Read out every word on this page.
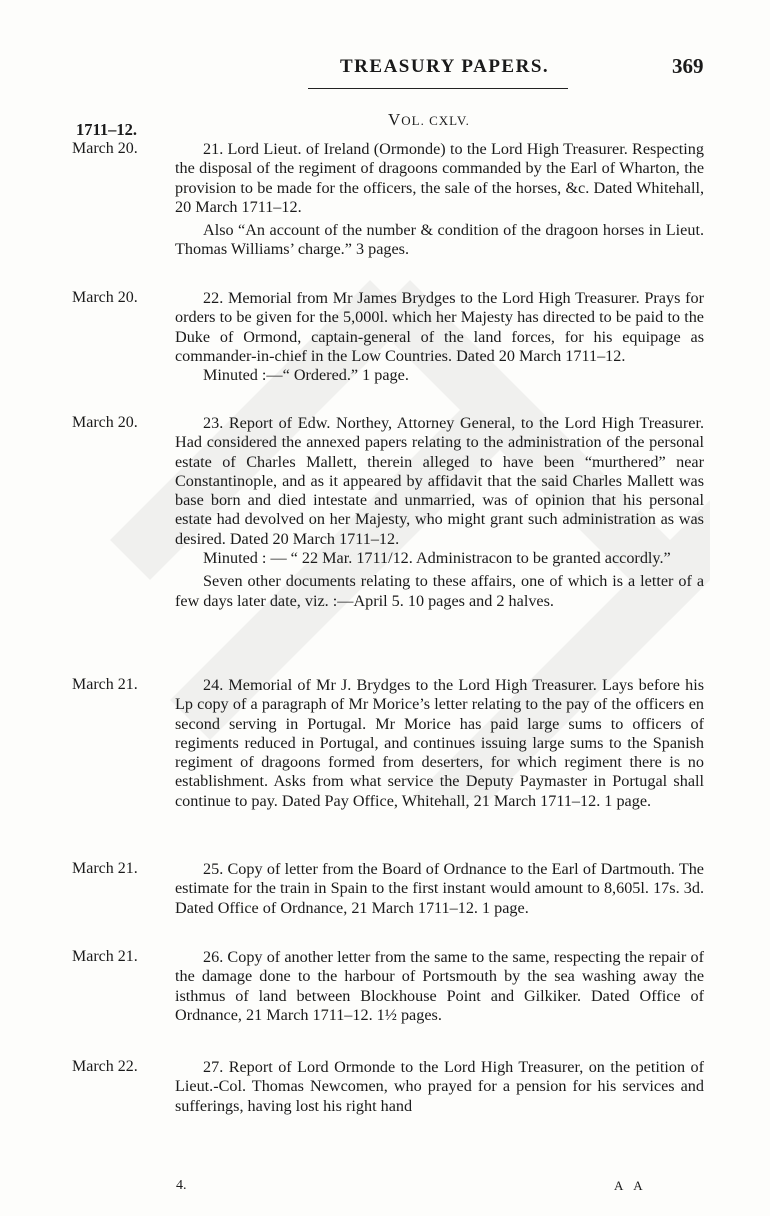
TREASURY PAPERS.	369
VOL. CXLV.
1711–12.
March 20.	21. Lord Lieut. of Ireland (Ormonde) to the Lord High Treasurer. Respecting the disposal of the regiment of dragoons commanded by the Earl of Wharton, the provision to be made for the officers, the sale of the horses, &c. Dated Whitehall, 20 March 1711–12.

Also “An account of the number & condition of the dragoon horses in Lieut. Thomas Williams’ charge.” 3 pages.

March 20.	22. Memorial from Mr James Brydges to the Lord High Treasurer. Prays for orders to be given for the 5,000l. which her Majesty has directed to be paid to the Duke of Ormond, captain-general of the land forces, for his equipage as commander-in-chief in the Low Countries. Dated 20 March 1711–12.

Minuted :—“ Ordered.” 1 page.

March 20.	23. Report of Edw. Northey, Attorney General, to the Lord High Treasurer. Had considered the annexed papers relating to the administration of the personal estate of Charles Mallett, therein alleged to have been “murthered” near Constantinople, and as it appeared by affidavit that the said Charles Mallett was base born and died intestate and unmarried, was of opinion that his personal estate had devolved on her Majesty, who might grant such administration as was desired. Dated 20 March 1711–12.

Minuted : — “ 22 Mar. 1711/12. Administracon to be granted accordly.”

Seven other documents relating to these affairs, one of which is a letter of a few days later date, viz. :—April 5. 10 pages and 2 halves.

March 21.	24. Memorial of Mr J. Brydges to the Lord High Treasurer. Lays before his Lp copy of a paragraph of Mr Morice’s letter relating to the pay of the officers en second serving in Portugal. Mr Morice has paid large sums to officers of regiments reduced in Portugal, and continues issuing large sums to the Spanish regiment of dragoons formed from deserters, for which regiment there is no establishment. Asks from what service the Deputy Paymaster in Portugal shall continue to pay. Dated Pay Office, Whitehall, 21 March 1711–12. 1 page.

March 21.	25. Copy of letter from the Board of Ordnance to the Earl of Dartmouth. The estimate for the train in Spain to the first instant would amount to 8,605l. 17s. 3d. Dated Office of Ordnance, 21 March 1711–12. 1 page.

March 21.	26. Copy of another letter from the same to the same, respecting the repair of the damage done to the harbour of Portsmouth by the sea washing away the isthmus of land between Blockhouse Point and Gilkiker. Dated Office of Ordnance, 21 March 1711–12. 1½ pages.

March 22.	27. Report of Lord Ormonde to the Lord High Treasurer, on the petition of Lieut.-Col. Thomas Newcomen, who prayed for a pension for his services and sufferings, having lost his right hand

4.	A A
